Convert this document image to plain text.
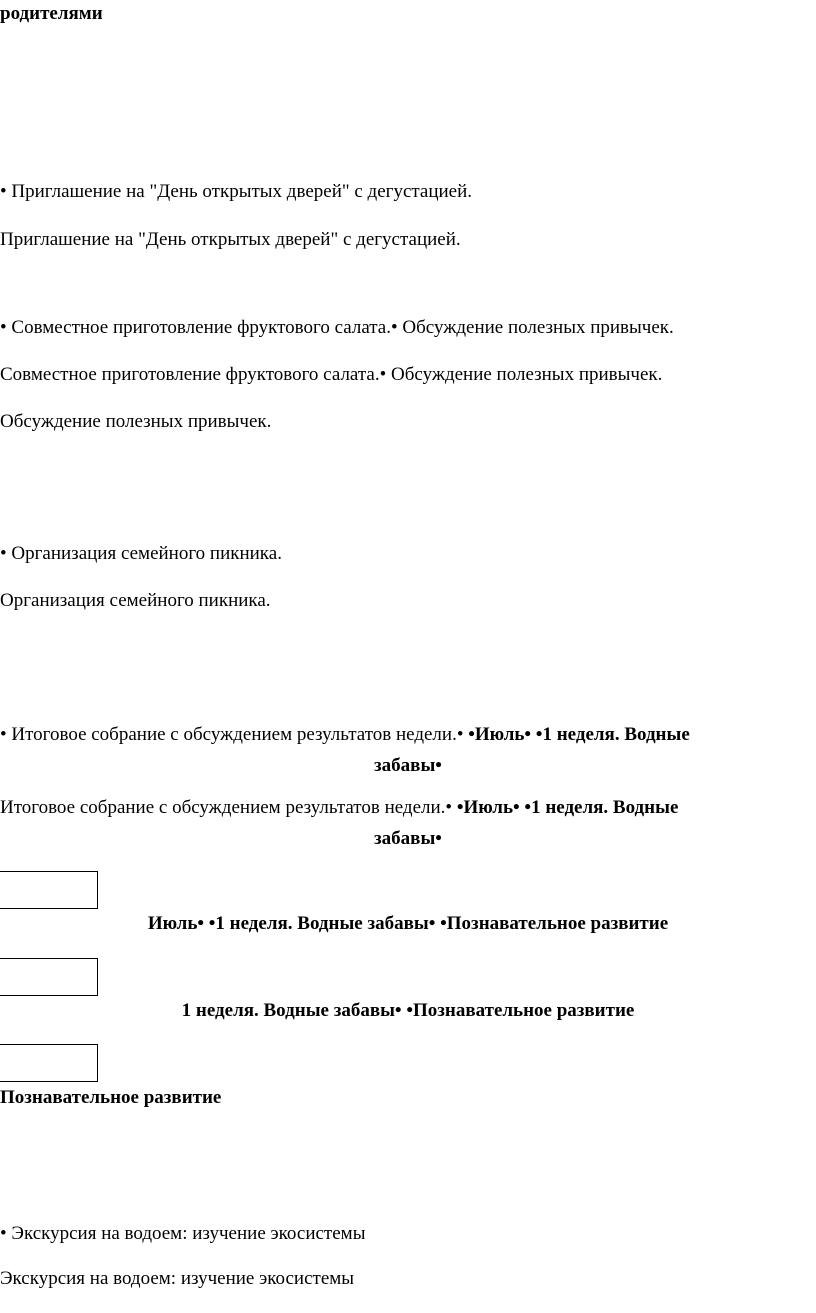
родителями
• Приглашение на "День открытых дверей" с дегустацией.
Приглашение на "День открытых дверей" с дегустацией.
• Совместное приготовление фруктового салата.• Обсуждение полезных привычек.
Совместное приготовление фруктового салата.• Обсуждение полезных привычек.
Обсуждение полезных привычек.
• Организация семейного пикника.
Организация семейного пикника.
• Итоговое собрание с обсуждением результатов недели.• •Июль• •1 неделя. Водные
забавы•
Итоговое собрание с обсуждением результатов недели.• •Июль• •1 неделя. Водные
забавы•
Июль• •1 неделя. Водные забавы• •Познавательное развитие
1 неделя. Водные забавы• •Познавательное развитие
Познавательное развитие
• Экскурсия на водоем: изучение экосистемы
Экскурсия на водоем: изучение экосистемы
